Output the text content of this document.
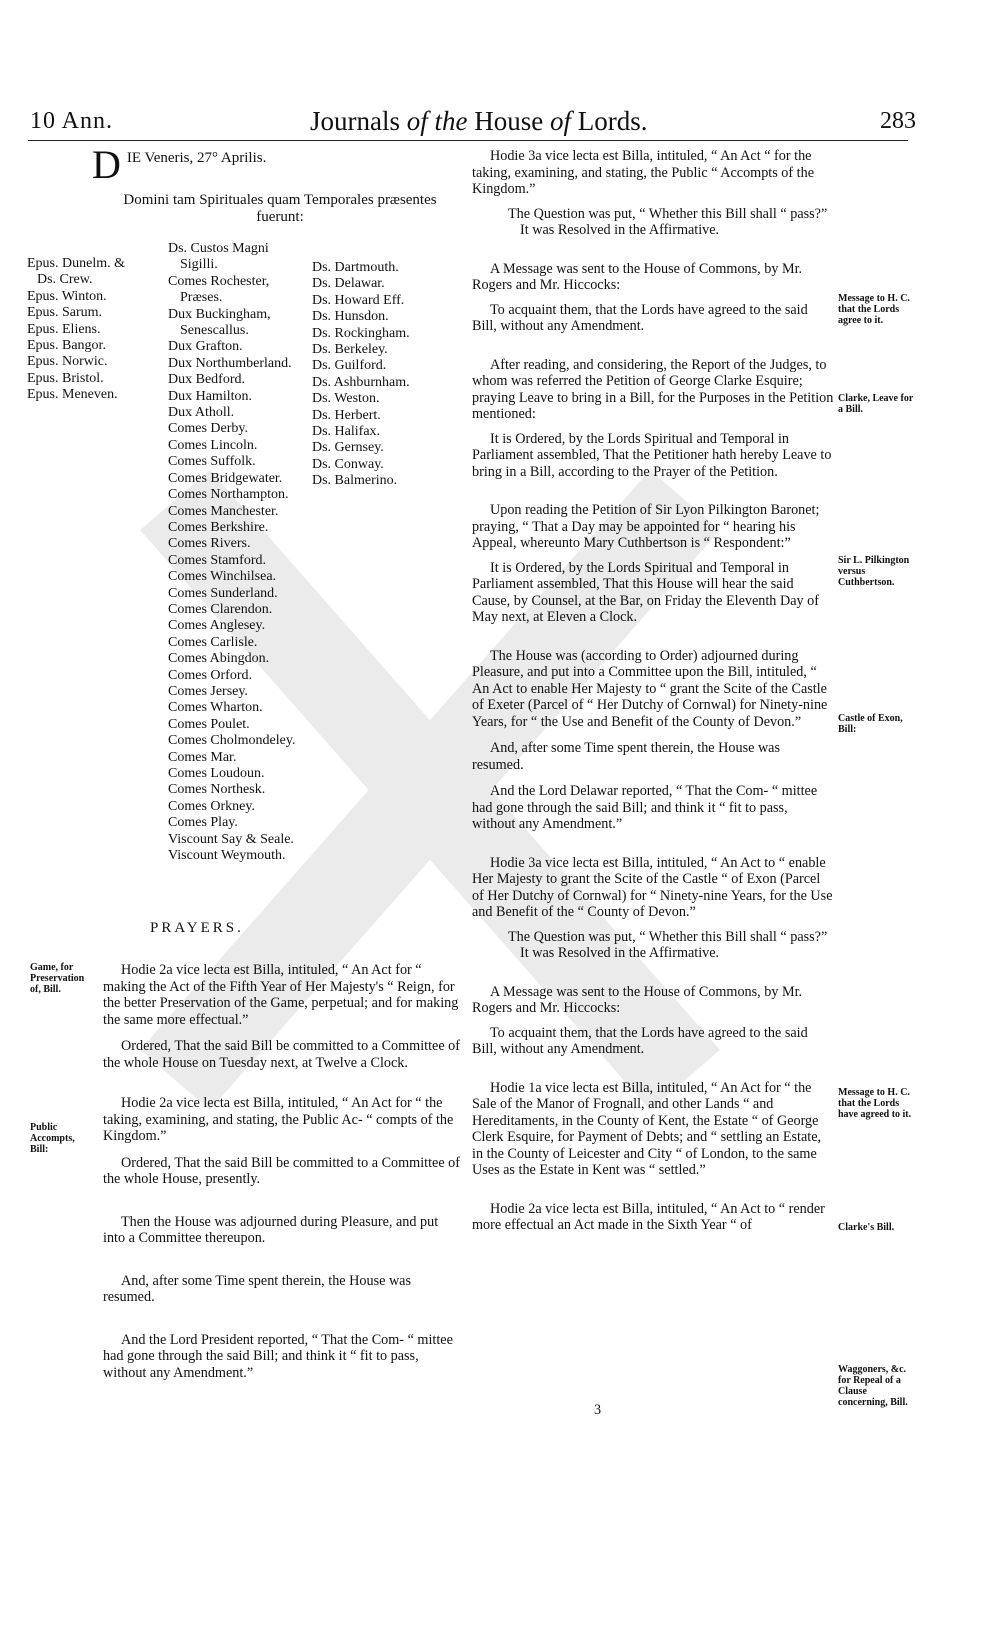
10 Ann.	Journals of the House of Lords.	283
D IE Veneris, 27° Aprilis.
Domini tam Spirituales quam Temporales præsentes
fuerunt:
Epus. Dunelm. &
Ds. Crew.
Epus. Winton.
Epus. Sarum.
Epus. Eliens.
Epus. Bangor.
Epus. Norwic.
Epus. Bristol.
Epus. Meneven.
Ds. Custos Magni
Sigilli.
Comes Rochester,
Præses.
Dux Buckingham,
Senescallus.
Dux Grafton.
Dux Northumberland.
Dux Bedford.
Dux Hamilton.
Dux Atholl.
Comes Derby.
Comes Lincoln.
Comes Suffolk.
Comes Bridgewater.
Comes Northampton.
Comes Manchester.
Comes Berkshire.
Comes Rivers.
Comes Stamford.
Comes Winchilsea.
Comes Sunderland.
Comes Clarendon.
Comes Anglesey.
Comes Carlisle.
Comes Abingdon.
Comes Orford.
Comes Jersey.
Comes Wharton.
Comes Poulet.
Comes Cholmondeley.
Comes Mar.
Comes Loudoun.
Comes Northesk.
Comes Orkney.
Comes Play.
Viscount Say & Seale.
Viscount Weymouth.
Ds. Dartmouth.
Ds. Delawar.
Ds. Howard Eff.
Ds. Hunsdon.
Ds. Rockingham.
Ds. Berkeley.
Ds. Guilford.
Ds. Ashburnham.
Ds. Weston.
Ds. Herbert.
Ds. Halifax.
Ds. Gernsey.
Ds. Conway.
Ds. Balmerino.
PRAYERS.
Game, for Preservation of, Bill.
Public Accompts, Bill:

Hodie 2a vice lecta est Billa, intituled, “ An Act for “ making the Act of the Fifth Year of Her Majesty's “ Reign, for the better Preservation of the Game, perpetual; and for making the same more effectual.”

Ordered, That the said Bill be committed to a Committee of the whole House on Tuesday next, at Twelve a Clock.

Hodie 2a vice lecta est Billa, intituled, “ An Act for “ the taking, examining, and stating, the Public Ac- “ compts of the Kingdom.”

Ordered, That the said Bill be committed to a Committee of the whole House, presently.

Then the House was adjourned during Pleasure, and put into a Committee thereupon.

And, after some Time spent therein, the House was resumed.

And the Lord President reported, “ That the Com- “ mittee had gone through the said Bill; and think it “ fit to pass, without any Amendment.”

Message to H. C. that the Lords agree to it.
Clarke, Leave for a Bill.
Sir L. Pilkington versus Cuthbertson.
Castle of Exon, Bill:
Message to H. C. that the Lords have agreed to it.
Clarke's Bill.
Waggoners, &c. for Repeal of a Clause concerning, Bill.

Hodie 3a vice lecta est Billa, intituled, “ An Act “ for the taking, examining, and stating, the Public “ Accompts of the Kingdom.”

The Question was put, “ Whether this Bill shall “ pass?”

It was Resolved in the Affirmative.

A Message was sent to the House of Commons, by Mr. Rogers and Mr. Hiccocks:

To acquaint them, that the Lords have agreed to the said Bill, without any Amendment.

After reading, and considering, the Report of the Judges, to whom was referred the Petition of George Clarke Esquire; praying Leave to bring in a Bill, for the Purposes in the Petition mentioned:

It is Ordered, by the Lords Spiritual and Temporal in Parliament assembled, That the Petitioner hath hereby Leave to bring in a Bill, according to the Prayer of the Petition.

Upon reading the Petition of Sir Lyon Pilkington Baronet; praying, “ That a Day may be appointed for “ hearing his Appeal, whereunto Mary Cuthbertson is “ Respondent:”

It is Ordered, by the Lords Spiritual and Temporal in Parliament assembled, That this House will hear the said Cause, by Counsel, at the Bar, on Friday the Eleventh Day of May next, at Eleven a Clock.

The House was (according to Order) adjourned during Pleasure, and put into a Committee upon the Bill, intituled, “ An Act to enable Her Majesty to “ grant the Scite of the Castle of Exeter (Parcel of “ Her Dutchy of Cornwal) for Ninety-nine Years, for “ the Use and Benefit of the County of Devon.”

And, after some Time spent therein, the House was resumed.

And the Lord Delawar reported, “ That the Com- “ mittee had gone through the said Bill; and think it “ fit to pass, without any Amendment.”

Hodie 3a vice lecta est Billa, intituled, “ An Act to “ enable Her Majesty to grant the Scite of the Castle “ of Exon (Parcel of Her Dutchy of Cornwal) for “ Ninety-nine Years, for the Use and Benefit of the “ County of Devon.”

The Question was put, “ Whether this Bill shall “ pass?”

It was Resolved in the Affirmative.

A Message was sent to the House of Commons, by Mr. Rogers and Mr. Hiccocks:

To acquaint them, that the Lords have agreed to the said Bill, without any Amendment.

Hodie 1a vice lecta est Billa, intituled, “ An Act for “ the Sale of the Manor of Frognall, and other Lands “ and Hereditaments, in the County of Kent, the Estate “ of George Clerk Esquire, for Payment of Debts; and “ settling an Estate, in the County of Leicester and City “ of London, to the same Uses as the Estate in Kent was “ settled.”

Hodie 2a vice lecta est Billa, intituled, “ An Act to “ render more effectual an Act made in the Sixth Year “ of

3
